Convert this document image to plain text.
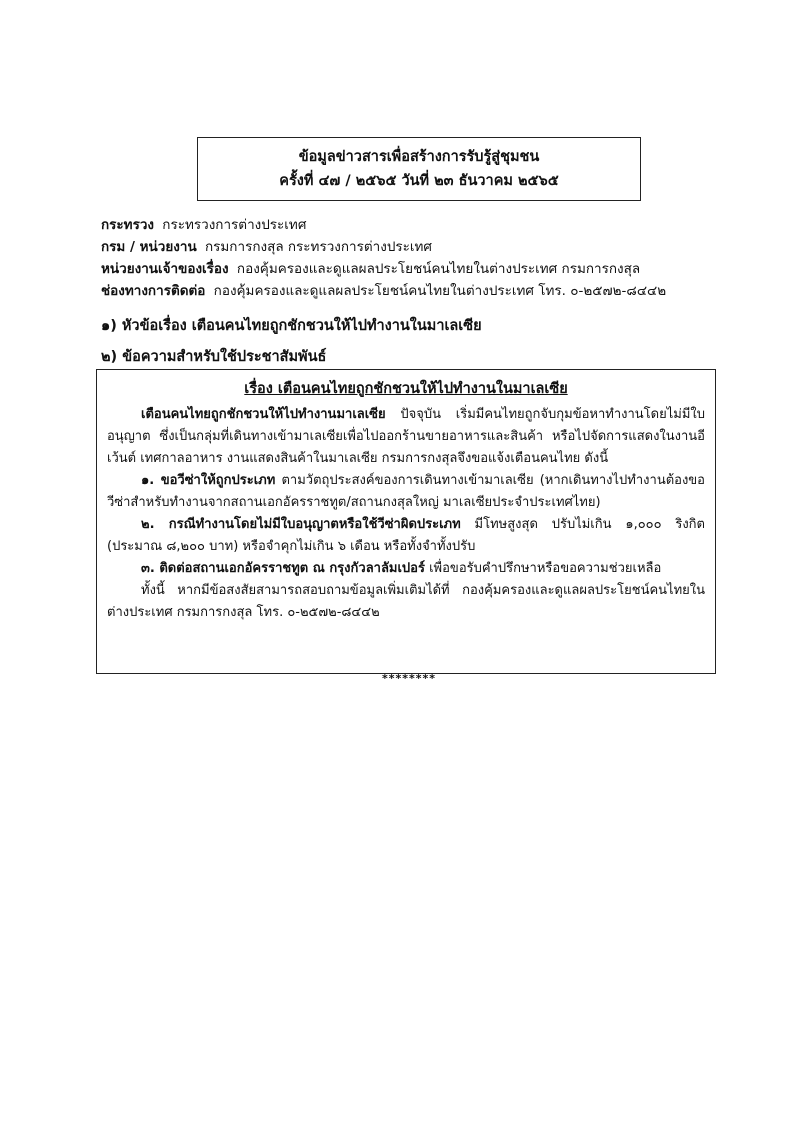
ข้อมูลข่าวสารเพื่อสร้างการรับรู้สู่ชุมชน
ครั้งที่ ๔๗ / ๒๕๖๕ วันที่ ๒๓ ธันวาคม ๒๕๖๕
กระทรวง กระทรวงการต่างประเทศ
กรม / หน่วยงาน กรมการกงสุล กระทรวงการต่างประเทศ
หน่วยงานเจ้าของเรื่อง กองคุ้มครองและดูแลผลประโยชน์คนไทยในต่างประเทศ กรมการกงสุล
ช่องทางการติดต่อ กองคุ้มครองและดูแลผลประโยชน์คนไทยในต่างประเทศ โทร. ๐-๒๕๗๒-๘๔๔๒
๑) หัวข้อเรื่อง เตือนคนไทยถูกชักชวนให้ไปทำงานในมาเลเซีย
๒) ข้อความสำหรับใช้ประชาสัมพันธ์
เรื่อง เตือนคนไทยถูกชักชวนให้ไปทำงานในมาเลเซีย

เตือนคนไทยถูกชักชวนให้ไปทำงานมาเลเซีย ปัจจุบัน เริ่มมีคนไทยถูกจับกุมข้อหาทำงานโดยไม่มีใบอนุญาต ซึ่งเป็นกลุ่มที่เดินทางเข้ามาเลเซียเพื่อไปออกร้านขายอาหารและสินค้า หรือไปจัดการแสดงในงานอีเว้นต์ เทศกาลอาหาร งานแสดงสินค้าในมาเลเซีย กรมการกงสุลจึงขอแจ้งเตือนคนไทย ดังนี้

๑. ขอวีซ่าให้ถูกประเภท ตามวัตถุประสงค์ของการเดินทางเข้ามาเลเซีย (หากเดินทางไปทำงานต้องขอวีซ่าสำหรับทำงานจากสถานเอกอัครราชทูต/สถานกงสุลใหญ่ มาเลเซียประจำประเทศไทย)

๒. กรณีทำงานโดยไม่มีใบอนุญาตหรือใช้วีซ่าผิดประเภท มีโทษสูงสุด ปรับไม่เกิน ๑,๐๐๐ ริงกิต (ประมาณ ๘,๒๐๐ บาท) หรือจำคุกไม่เกิน ๖ เดือน หรือทั้งจำทั้งปรับ

๓. ติดต่อสถานเอกอัครราชทูต ณ กรุงกัวลาลัมเปอร์ เพื่อขอรับคำปรึกษาหรือขอความช่วยเหลือ

ทั้งนี้ หากมีข้อสงสัยสามารถสอบถามข้อมูลเพิ่มเติมได้ที่ กองคุ้มครองและดูแลผลประโยชน์คนไทยในต่างประเทศ กรมการกงสุล โทร. ๐-๒๕๗๒-๘๔๔๒

********
